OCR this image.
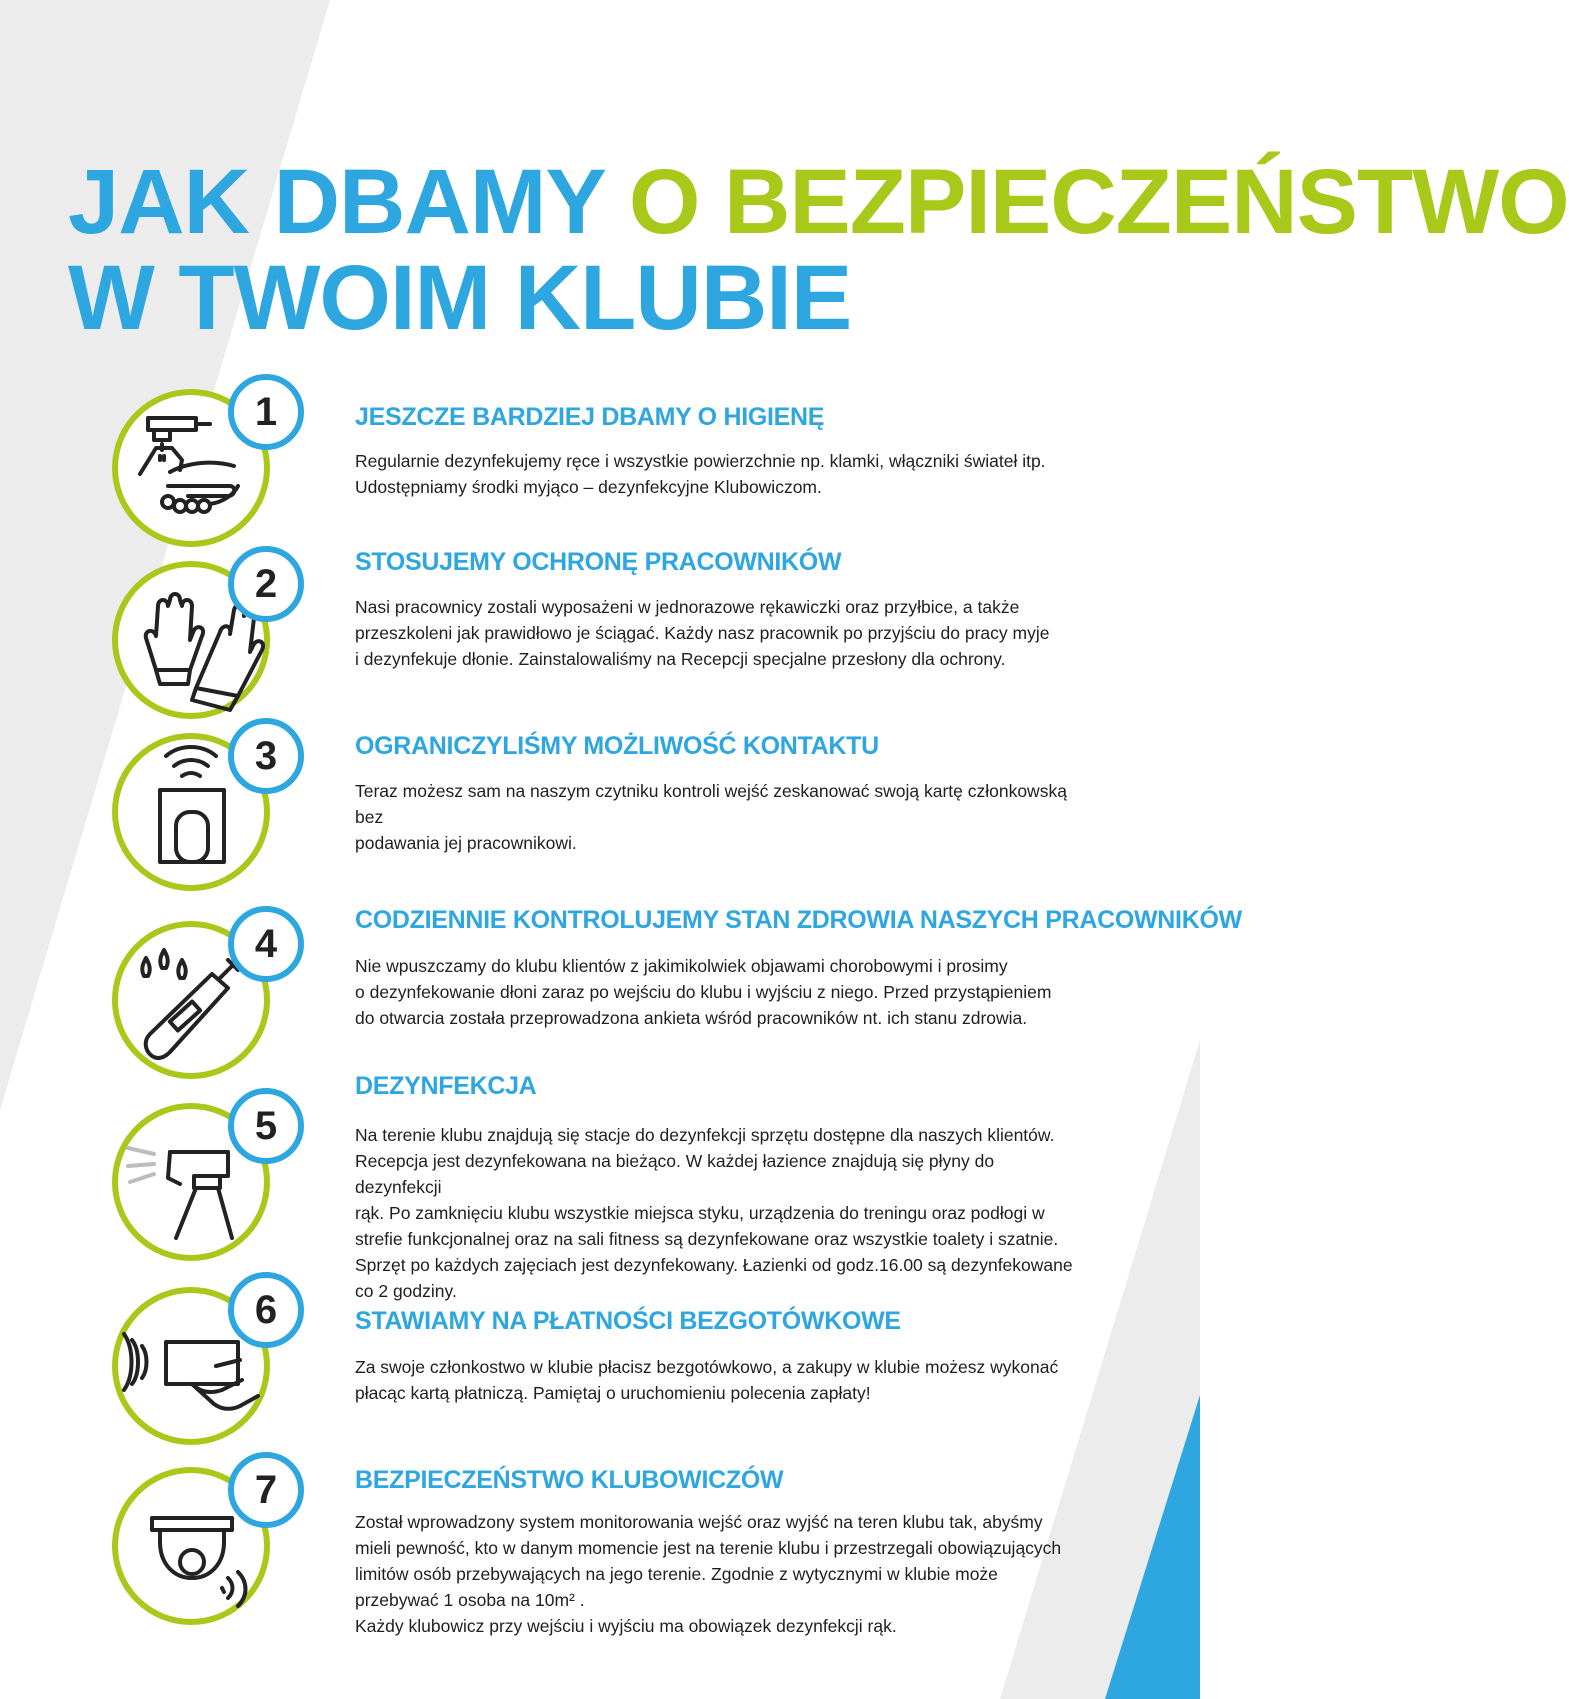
JAK DBAMY O BEZPIECZEŃSTWO
W TWOIM KLUBIE
1	JESZCZE BARDZIEJ DBAMY O HIGIENĘ

Regularnie dezynfekujemy ręce i wszystkie powierzchnie np. klamki, włączniki świateł itp.

Udostępniamy środki myjąco – dezynfekcyjne Klubowiczom.

2	STOSUJEMY OCHRONĘ PRACOWNIKÓW

Nasi pracownicy zostali wyposażeni w jednorazowe rękawiczki oraz przyłbice, a także

przeszkoleni jak prawidłowo je ściągać. Każdy nasz pracownik po przyjściu do pracy myje

i dezynfekuje dłonie. Zainstalowaliśmy na Recepcji specjalne przesłony dla ochrony.

3	OGRANICZYLIŚMY MOŻLIWOŚĆ KONTAKTU

Teraz możesz sam na naszym czytniku kontroli wejść zeskanować swoją kartę członkowską bez

podawania jej pracownikowi.

4
CODZIENNIE KONTROLUJEMY STAN ZDROWIA NASZYCH PRACOWNIKÓW

Nie wpuszczamy do klubu klientów z jakimikolwiek objawami chorobowymi i prosimy

o dezynfekowanie dłoni zaraz po wejściu do klubu i wyjściu z niego. Przed przystąpieniem

do otwarcia została przeprowadzona ankieta wśród pracowników nt. ich stanu zdrowia.

5
DEZYNFEKCJA

Na terenie klubu znajdują się stacje do dezynfekcji sprzętu dostępne dla naszych klientów.

Recepcja jest dezynfekowana na bieżąco. W każdej łazience znajdują się płyny do dezynfekcji

rąk. Po zamknięciu klubu wszystkie miejsca styku, urządzenia do treningu oraz podłogi w

strefie funkcjonalnej oraz na sali fitness są dezynfekowane oraz wszystkie toalety i szatnie.

Sprzęt po każdych zajęciach jest dezynfekowany. Łazienki od godz.16.00 są dezynfekowane

co 2 godziny.

6	STAWIAMY NA PŁATNOŚCI BEZGOTÓWKOWE

Za swoje członkostwo w klubie płacisz bezgotówkowo, a zakupy w klubie możesz wykonać

płacąc kartą płatniczą. Pamiętaj o uruchomieniu polecenia zapłaty!

7	BEZPIECZEŃSTWO KLUBOWICZÓW

Został wprowadzony system monitorowania wejść oraz wyjść na teren klubu tak, abyśmy

mieli pewność, kto w danym momencie jest na terenie klubu i przestrzegali obowiązujących

limitów osób przebywających na jego terenie. Zgodnie z wytycznymi w klubie może

przebywać 1 osoba na 10m² .

Każdy klubowicz przy wejściu i wyjściu ma obowiązek dezynfekcji rąk.
